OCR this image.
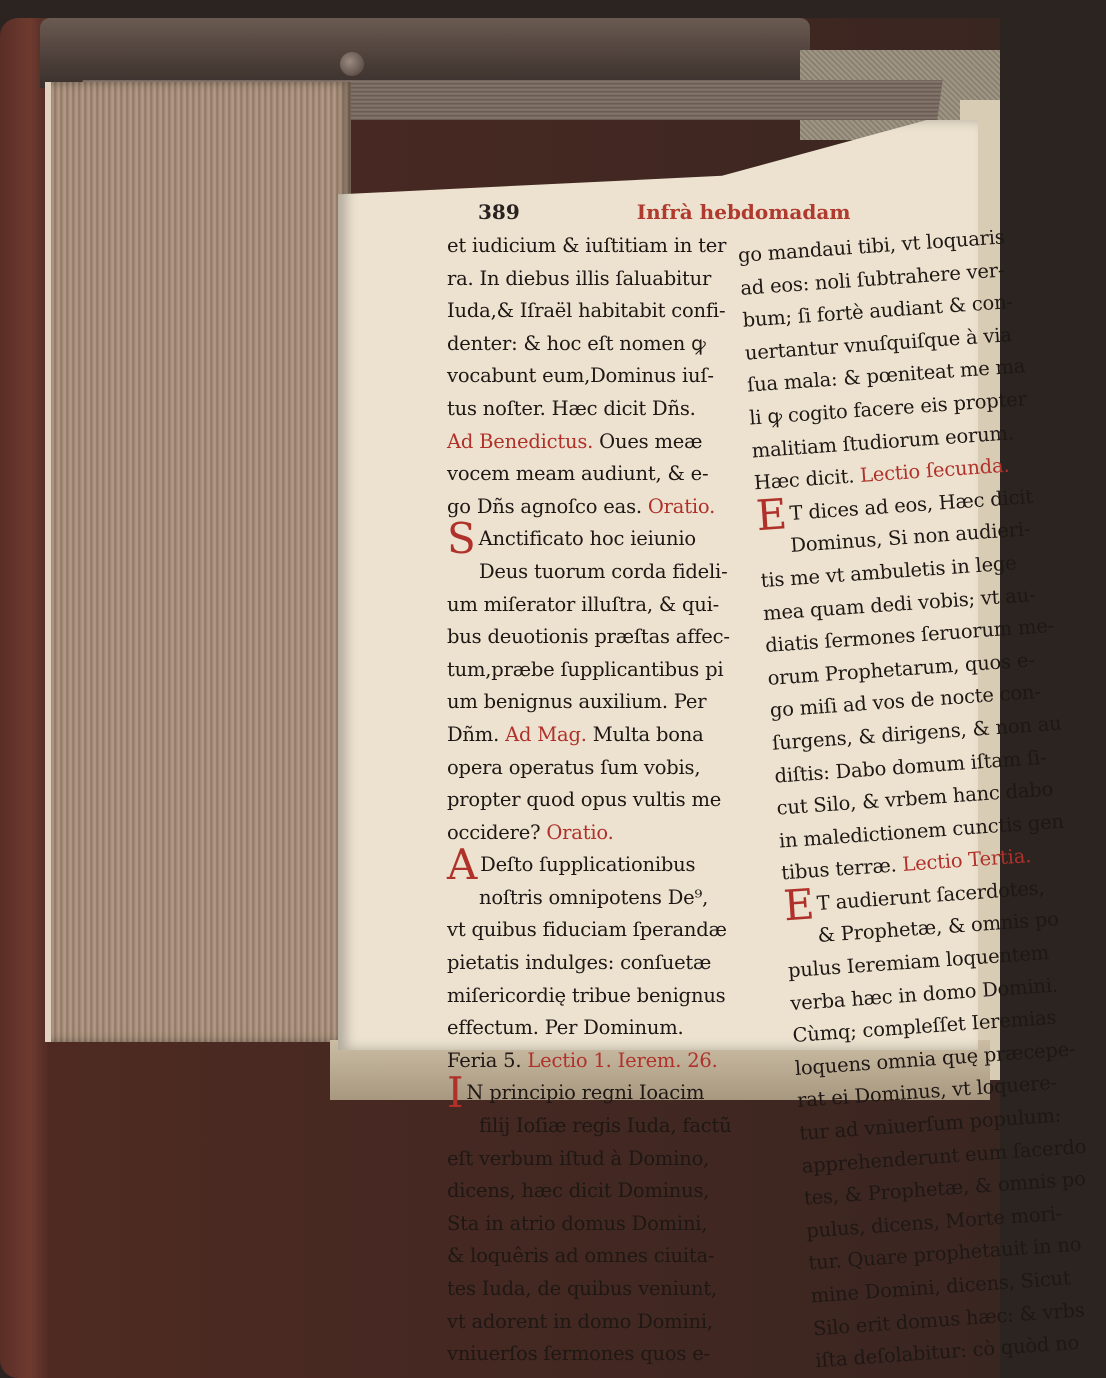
389	Infrà hebdomadam
et iudicium & iuſtitiam in ter
ra. In diebus illis ſaluabitur
Iuda,& Iſraël habitabit confi-
denter: & hoc eſt nomen ꝙ
vocabunt eum,Dominus iuſ-
tus noſter. Hæc dicit Dñs.
Ad Benedictus. Oues meæ
vocem meam audiunt, & e-
go Dñs agnoſco eas. Oratio.
S Anctificato hoc ieiunio
Deus tuorum corda fideli-
um miſerator illuſtra, & qui-
bus deuotionis præſtas affec-
tum,præbe ſupplicantibus pi
um benignus auxilium. Per
Dñm. Ad Mag. Multa bona
opera operatus ſum vobis,
propter quod opus vultis me
occidere? Oratio.
A Deſto ſupplicationibus
noſtris omnipotens De⁹,
vt quibus fiduciam ſperandæ
pietatis indulges: conſuetæ
miſericordię tribue benignus
effectum. Per Dominum.
Feria 5. Lectio 1. Ierem. 26.
I N principio regni Ioacim
filij Ioſiæ regis Iuda, factũ
eſt verbum iſtud à Domino,
dicens, hæc dicit Dominus,
Sta in atrio domus Domini,
& loquêris ad omnes ciuita-
tes Iuda, de quibus veniunt,
vt adorent in domo Domini,
vniuerſos ſermones quos e-
go mandaui tibi, vt loquaris
ad eos: noli ſubtrahere ver-
bum; ſi fortè audiant & con-
uertantur vnuſquiſque à via
ſua mala: & pœniteat me ma
li ꝙ cogito facere eis propter
malitiam ſtudiorum eorum.
Hæc dicit. Lectio ſecunda.
ET dices ad eos, Hæc dicit
Dominus, Si non audieri-
tis me vt ambuletis in lege
mea quam dedi vobis; vt au-
diatis ſermones ſeruorum me-
orum Prophetarum, quos e-
go miſi ad vos de nocte con-
ſurgens, & dirigens, & non au
diſtis: Dabo domum iſtam ſi-
cut Silo, & vrbem hanc dabo
in maledictionem cunctis gen
tibus terræ. Lectio Tertia.
ET audierunt ſacerdotes,
& Prophetæ, & omnis po
pulus Ieremiam loquentem
verba hæc in domo Domini.
Cùmq; compleſſet Ieremias
loquens omnia quę præcepe-
rat ei Dominus, vt loquere-
tur ad vniuerſum populum:
apprehenderunt eum ſacerdo
tes, & Prophetæ, & omnis po
pulus, dicens, Morte mori-
tur. Quare prophetauit in no
mine Domini, dicens, Sicut
Silo erit domus hæc: & vrbs
iſta deſolabitur: cò quòd no
